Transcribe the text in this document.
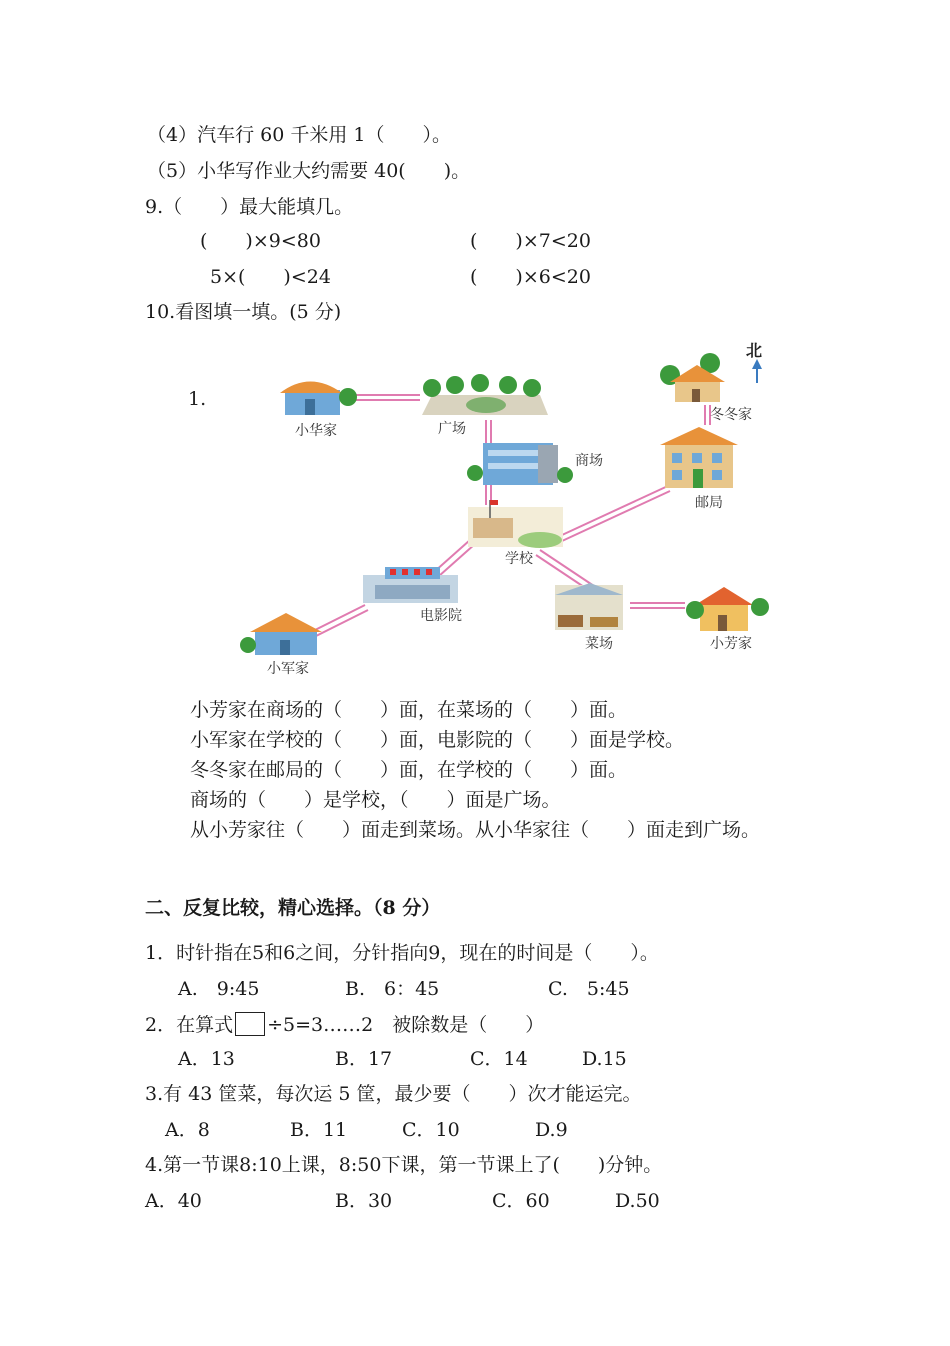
（4）汽车行 60 千米用 1（　　）。
（5）小华写作业大约需要 40(　　)。
9.（　　）最大能填几。
(　　)×9<80	(　　)×7<20
5×(　　)<24	(　　)×6<20
10.看图填一填。(5 分)
1.
北
小华家	广场
商场
冬冬家
邮局
学校
电影院
小军家
菜场	小芳家
小芳家在商场的（　　）面，在菜场的（　　）面。
小军家在学校的（　　）面，电影院的（　　）面是学校。
冬冬家在邮局的（　　）面，在学校的（　　）面。
商场的（　　）是学校，（　　）面是广场。
从小芳家往（　　）面走到菜场。从小华家往（　　）面走到广场。
二、反复比较，精心选择。（8 分）
1．时针指在5和6之间，分针指向9，现在的时间是（　　）。
A.　9:45	B.　6：45	C.　5:45
2．在算式 ÷5=3……2　被除数是（　　）
A．13	B．17	C．14	D.15
3.有 43 筐菜，每次运 5 筐，最少要（　　）次才能运完。
A．8	B．11	C．10	D.9
4.第一节课8:10上课，8:50下课，第一节课上了(　　)分钟。
A．40	B．30	C．60	D.50
